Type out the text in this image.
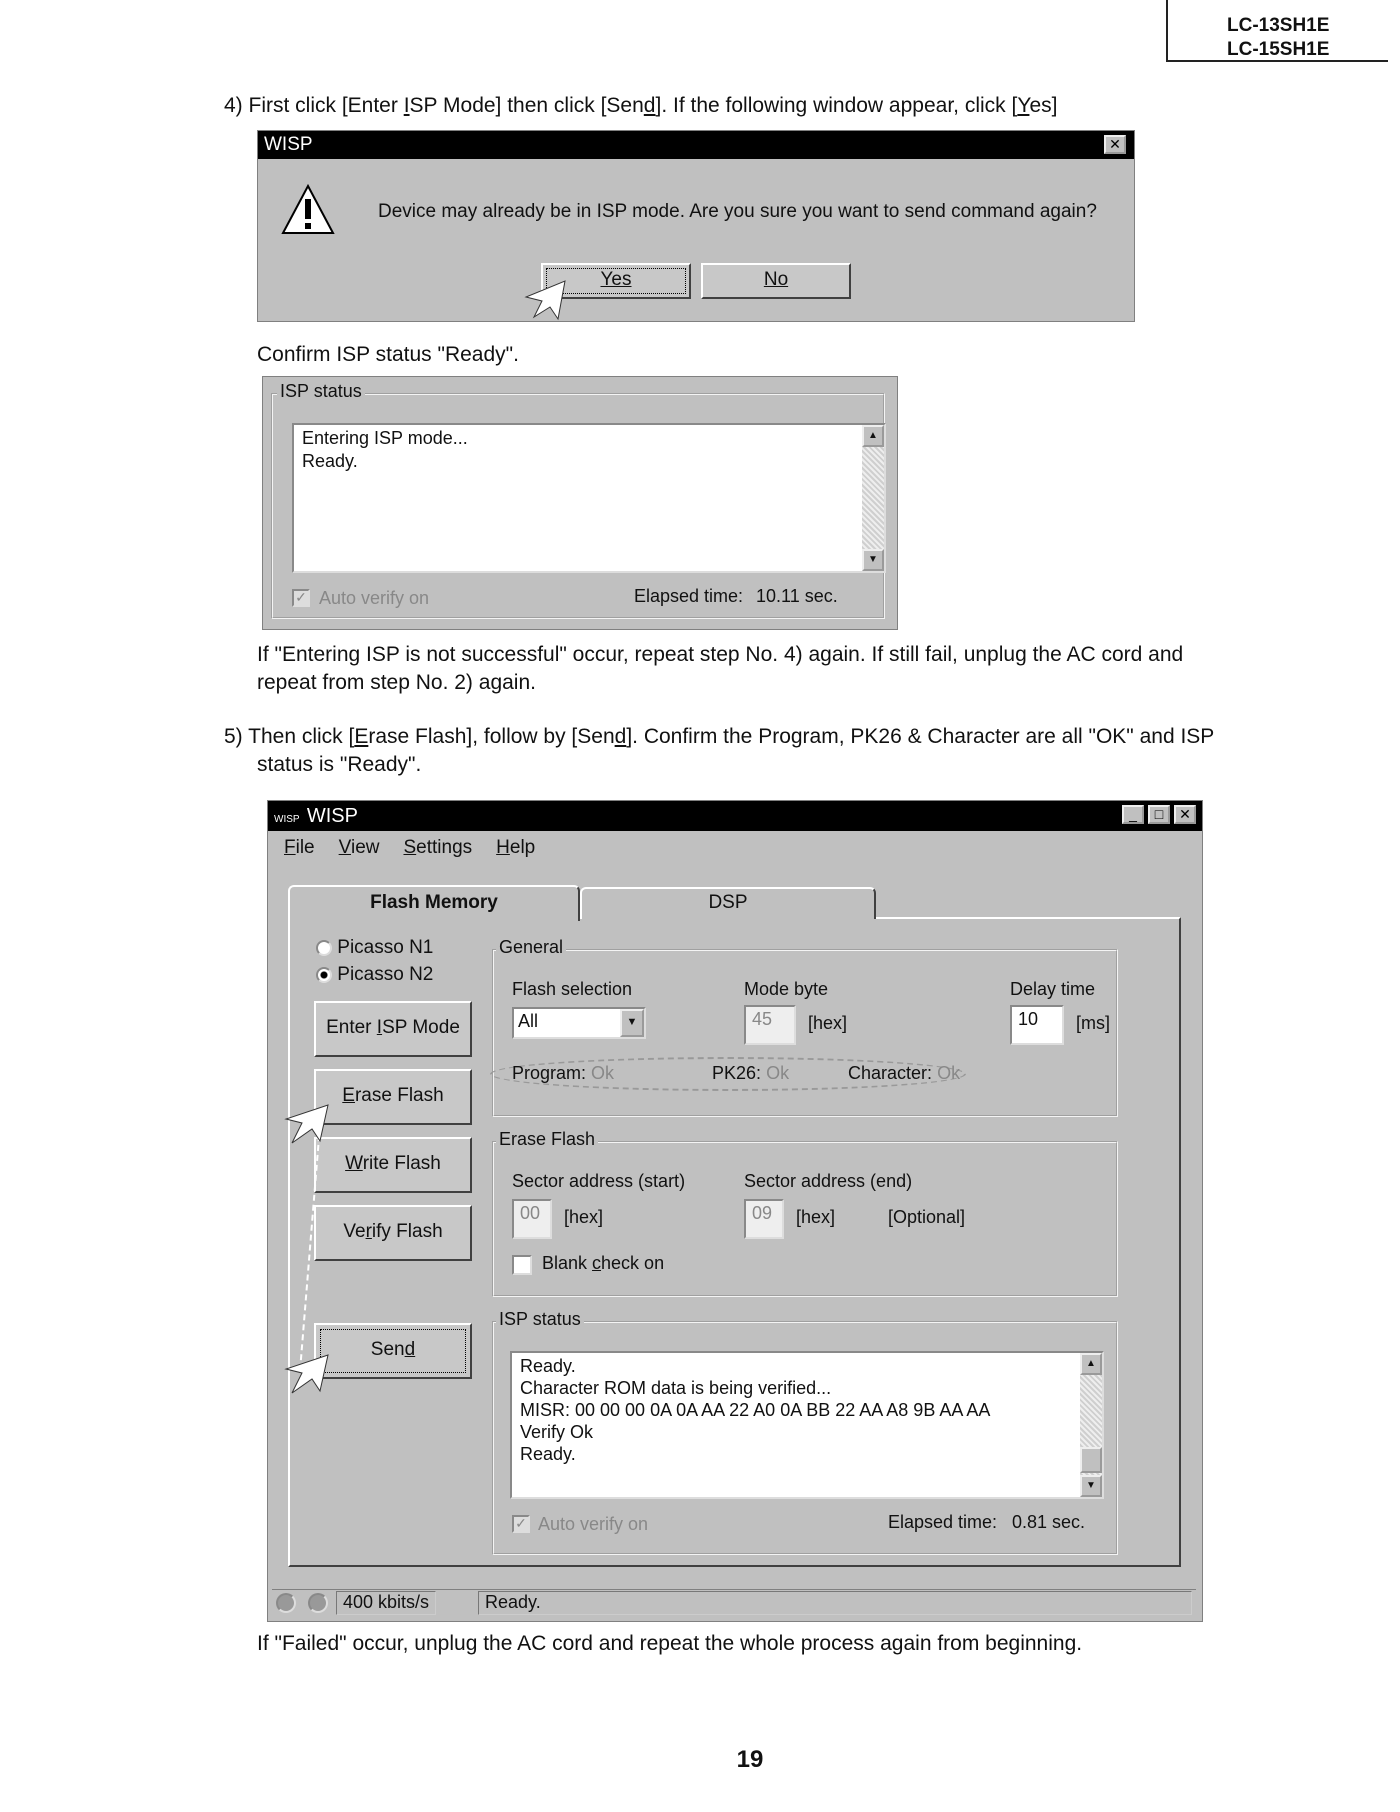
LC-13SH1E
LC-15SH1E
4) First click [Enter ISP Mode] then click [Send]. If the following window appear, click [Yes]
WISP	✕
Device may already be in ISP mode. Are you sure you want to send command again?
Yes	No
Confirm ISP status "Ready".
ISP status
Entering ISP mode...
Ready.
▲
▼
✓ Auto verify on	Elapsed time: 10.11 sec.
If "Entering ISP is not successful" occur, repeat step No. 4) again. If still fail, unplug the AC cord and
repeat from step No. 2) again.
5) Then click [Erase Flash], follow by [Send]. Confirm the Program, PK26 & Character are all "OK" and ISP
status is "Ready".
WISP WISP	_	□	✕
File View Settings Help
Flash Memory	DSP
Picasso N1
Picasso N2
Enter ISP Mode
Erase Flash
Write Flash
Verify Flash
Send
General
Flash selection
All	▼
Mode byte
45	[hex]
Delay time
10	[ms]
Program: Ok	PK26: Ok	Character: Ok
Erase Flash
Sector address (start)
00	[hex]
Sector address (end)
09	[hex]	[Optional]
Blank check on
ISP status
Ready.
Character ROM data is being verified...
MISR: 00 00 00 0A 0A AA 22 A0 0A BB 22 AA A8 9B AA AA
Verify Ok
Ready.
▲
▼
✓ Auto verify on	Elapsed time: 0.81 sec.
400 kbits/s	Ready.
If "Failed" occur, unplug the AC cord and repeat the whole process again from beginning.
19
